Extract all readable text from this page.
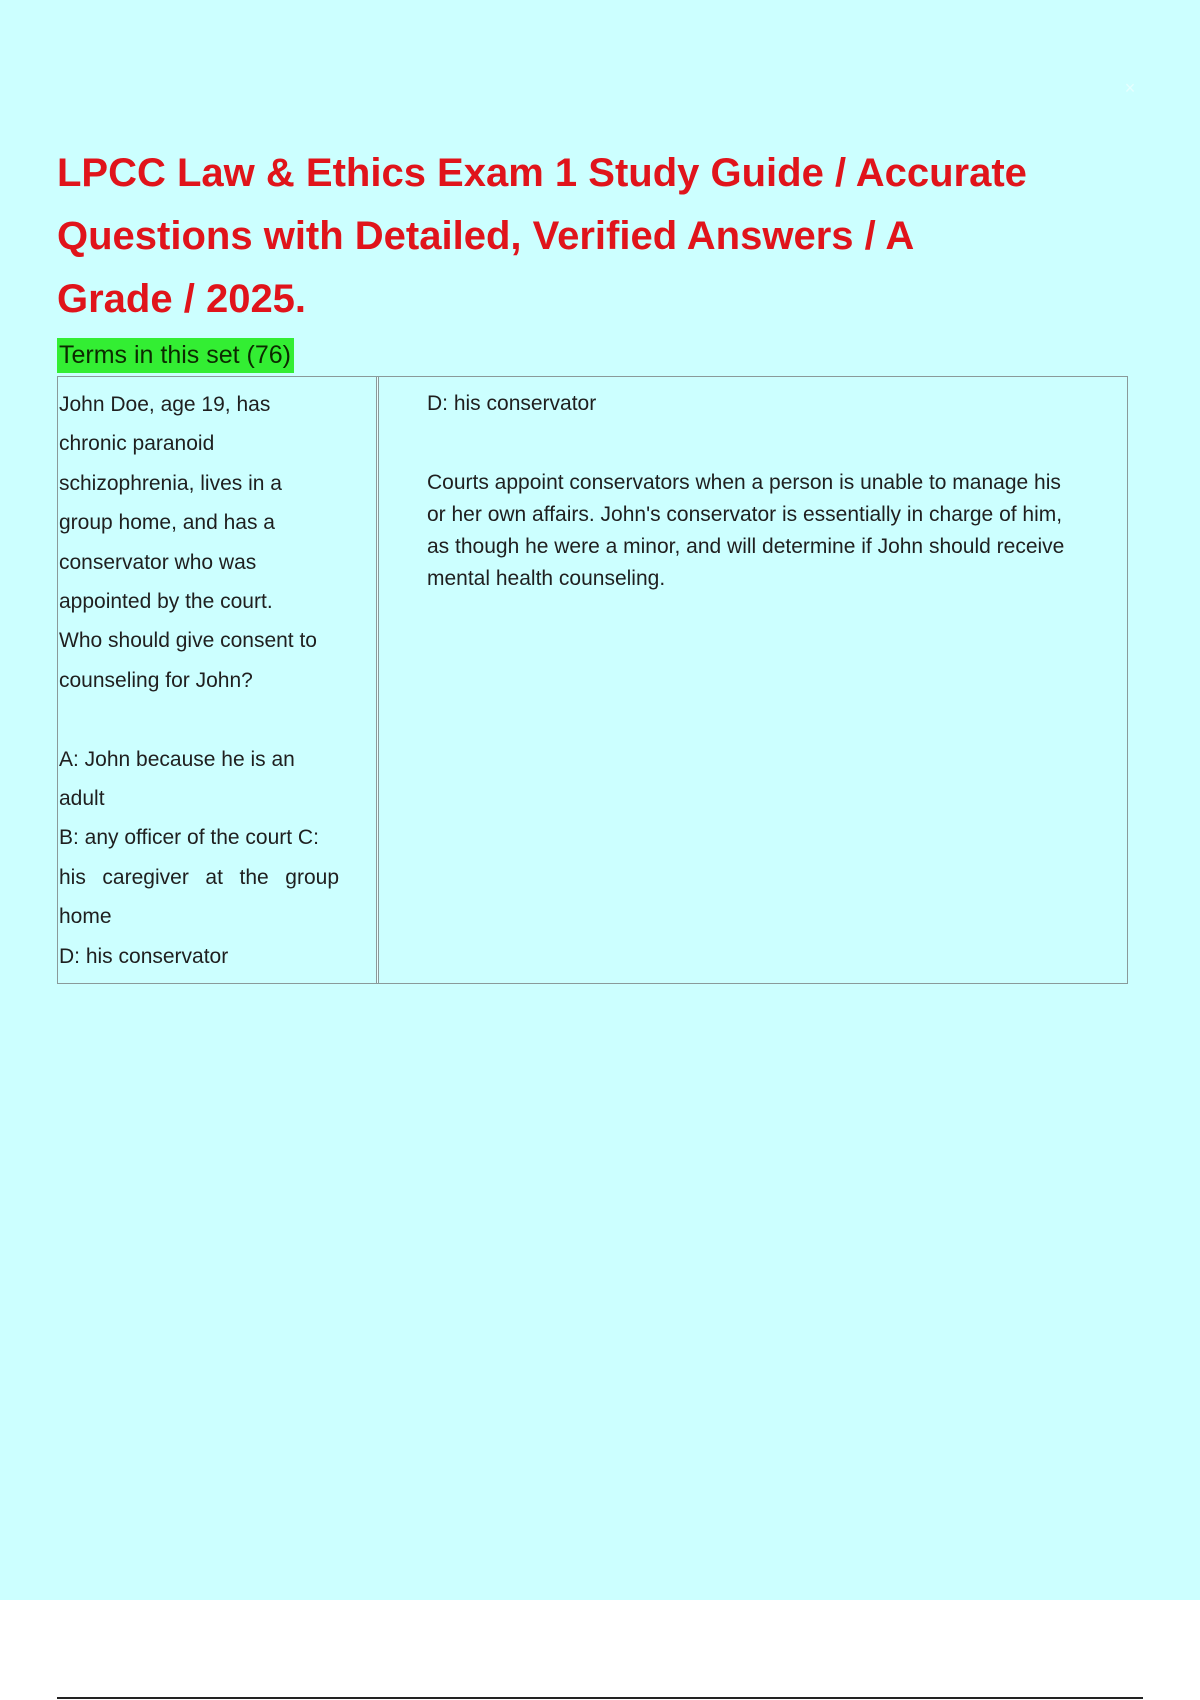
×
LPCC Law & Ethics Exam 1 Study Guide / Accurate Questions with Detailed, Verified Answers / A Grade / 2025.
Terms in this set (76)
John Doe, age 19, has
chronic paranoid
schizophrenia, lives in a
group home, and has a
conservator who was
appointed by the court.
Who should give consent to
counseling for John?
A: John because he is an
adult
B: any officer of the court C:
his caregiver at the group
home
D: his conservator

D: his conservator

Courts appoint conservators when a person is unable to manage his or her own affairs. John's conservator is essentially in charge of him, as though he were a minor, and will determine if John should receive mental health counseling.
